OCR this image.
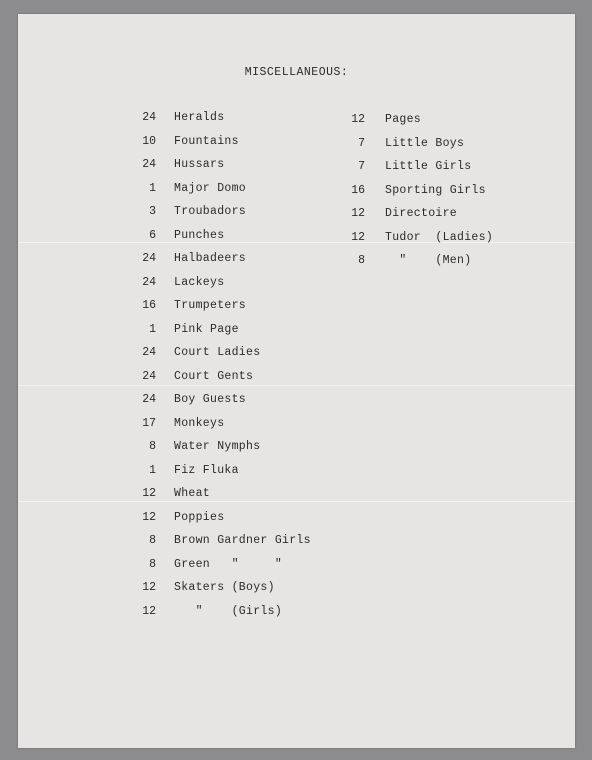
MISCELLANEOUS:
24 Heralds
10 Fountains
24 Hussars
1 Major Domo
3 Troubadors
6 Punches
24 Halbadeers
24 Lackeys
16 Trumpeters
1 Pink Page
24 Court Ladies
24 Court Gents
24 Boy Guests
17 Monkeys
8 Water Nymphs
1 Fiz Fluka
12 Wheat
12 Poppies
8 Brown Gardner Girls
8 Green   "     "
12 Skaters (Boys)
12 "    (Girls)
12 Pages
7 Little Boys
7 Little Girls
16 Sporting Girls
12 Directoire
12 Tudor  (Ladies)
8 "    (Men)
